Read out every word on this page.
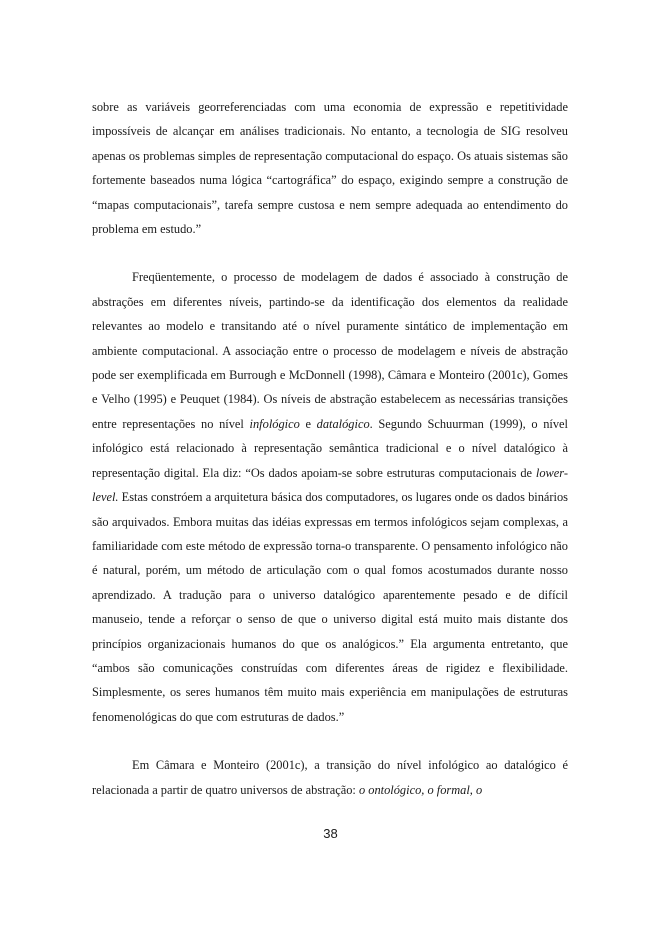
sobre as variáveis georreferenciadas com uma economia de expressão e repetitividade impossíveis de alcançar em análises tradicionais. No entanto, a tecnologia de SIG resolveu apenas os problemas simples de representação computacional do espaço. Os atuais sistemas são fortemente baseados numa lógica “cartográfica” do espaço, exigindo sempre a construção de “mapas computacionais”, tarefa sempre custosa e nem sempre adequada ao entendimento do problema em estudo.”

Freqüentemente, o processo de modelagem de dados é associado à construção de abstrações em diferentes níveis, partindo-se da identificação dos elementos da realidade relevantes ao modelo e transitando até o nível puramente sintático de implementação em ambiente computacional. A associação entre o processo de modelagem e níveis de abstração pode ser exemplificada em Burrough e McDonnell (1998), Câmara e Monteiro (2001c), Gomes e Velho (1995) e Peuquet (1984). Os níveis de abstração estabelecem as necessárias transições entre representações no nível infológico e datalógico. Segundo Schuurman (1999), o nível infológico está relacionado à representação semântica tradicional e o nível datalógico à representação digital. Ela diz: “Os dados apoiam-se sobre estruturas computacionais de lower-level. Estas constróem a arquitetura básica dos computadores, os lugares onde os dados binários são arquivados. Embora muitas das idéias expressas em termos infológicos sejam complexas, a familiaridade com este método de expressão torna-o transparente. O pensamento infológico não é natural, porém, um método de articulação com o qual fomos acostumados durante nosso aprendizado. A tradução para o universo datalógico aparentemente pesado e de difícil manuseio, tende a reforçar o senso de que o universo digital está muito mais distante dos princípios organizacionais humanos do que os analógicos.” Ela argumenta entretanto, que “ambos são comunicações construídas com diferentes áreas de rigidez e flexibilidade. Simplesmente, os seres humanos têm muito mais experiência em manipulações de estruturas fenomenológicas do que com estruturas de dados.”

Em Câmara e Monteiro (2001c), a transição do nível infológico ao datalógico é relacionada a partir de quatro universos de abstração: o ontológico, o formal, o

38
